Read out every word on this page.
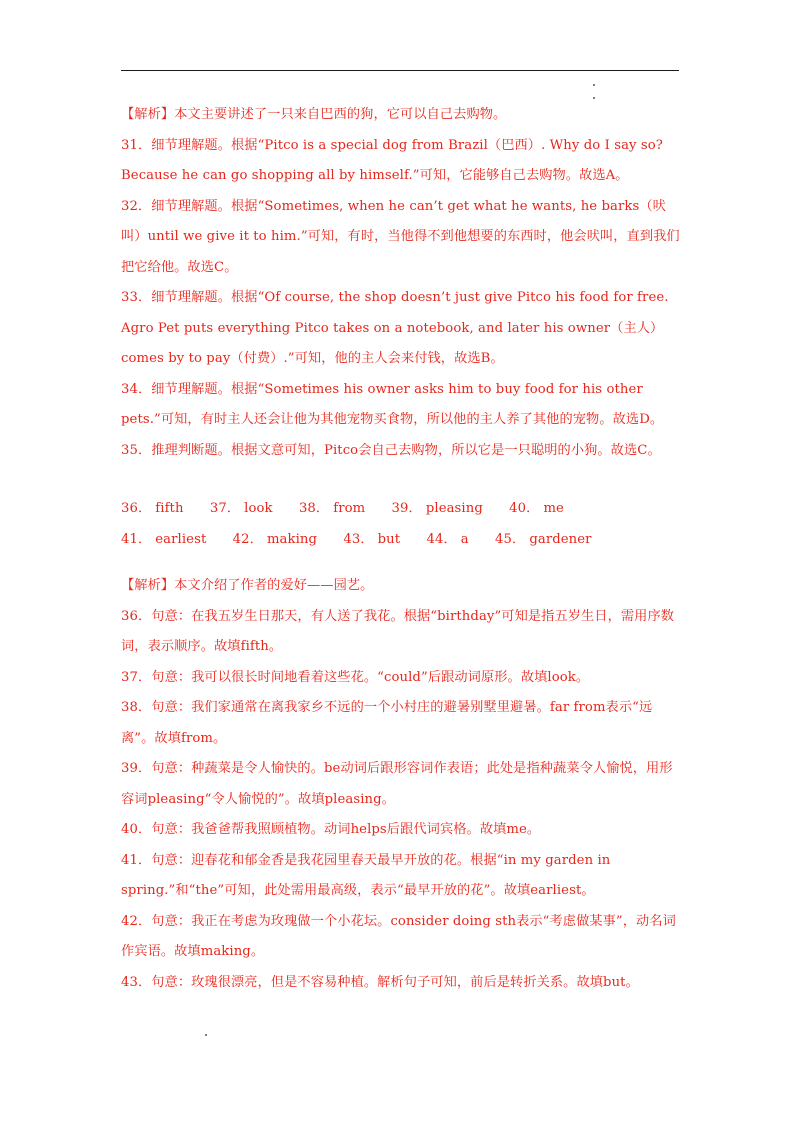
【解析】本文主要讲述了一只来自巴西的狗，它可以自己去购物。

31．细节理解题。根据“Pitco is a special dog from Brazil（巴西）. Why do I say so? Because he can go shopping all by himself.”可知，它能够自己去购物。故选A。

32．细节理解题。根据“Sometimes, when he can’t get what he wants, he barks（吠叫）until we give it to him.”可知，有时，当他得不到他想要的东西时，他会吠叫，直到我们把它给他。故选C。

33．细节理解题。根据“Of course, the shop doesn’t just give Pitco his food for free. Agro Pet puts everything Pitco takes on a notebook, and later his owner（主人）comes by to pay（付费）.”可知，他的主人会来付钱，故选B。

34．细节理解题。根据“Sometimes his owner asks him to buy food for his other pets.”可知，有时主人还会让他为其他宠物买食物，所以他的主人养了其他的宠物。故选D。

35．推理判断题。根据文意可知，Pitco会自己去购物，所以它是一只聪明的小狗。故选C。

36． fifth 37． look 38． from 39． pleasing 40． me 41． earliest 42． making 43． but 44． a 45． gardener

【解析】本文介绍了作者的爱好——园艺。

36．句意：在我五岁生日那天，有人送了我花。根据“birthday”可知是指五岁生日，需用序数词，表示顺序。故填fifth。

37．句意：我可以很长时间地看着这些花。“could”后跟动词原形。故填look。

38．句意：我们家通常在离我家乡不远的一个小村庄的避暑别墅里避暑。far from表示“远离”。故填from。

39．句意：种蔬菜是令人愉快的。be动词后跟形容词作表语；此处是指种蔬菜令人愉悦，用形容词pleasing“令人愉悦的”。故填pleasing。

40．句意：我爸爸帮我照顾植物。动词helps后跟代词宾格。故填me。

41．句意：迎春花和郁金香是我花园里春天最早开放的花。根据“in my garden in spring.”和“the”可知，此处需用最高级，表示“最早开放的花”。故填earliest。

42．句意：我正在考虑为玫瑰做一个小花坛。consider doing sth表示“考虑做某事”，动名词作宾语。故填making。

43．句意：玫瑰很漂亮，但是不容易种植。解析句子可知，前后是转折关系。故填but。
